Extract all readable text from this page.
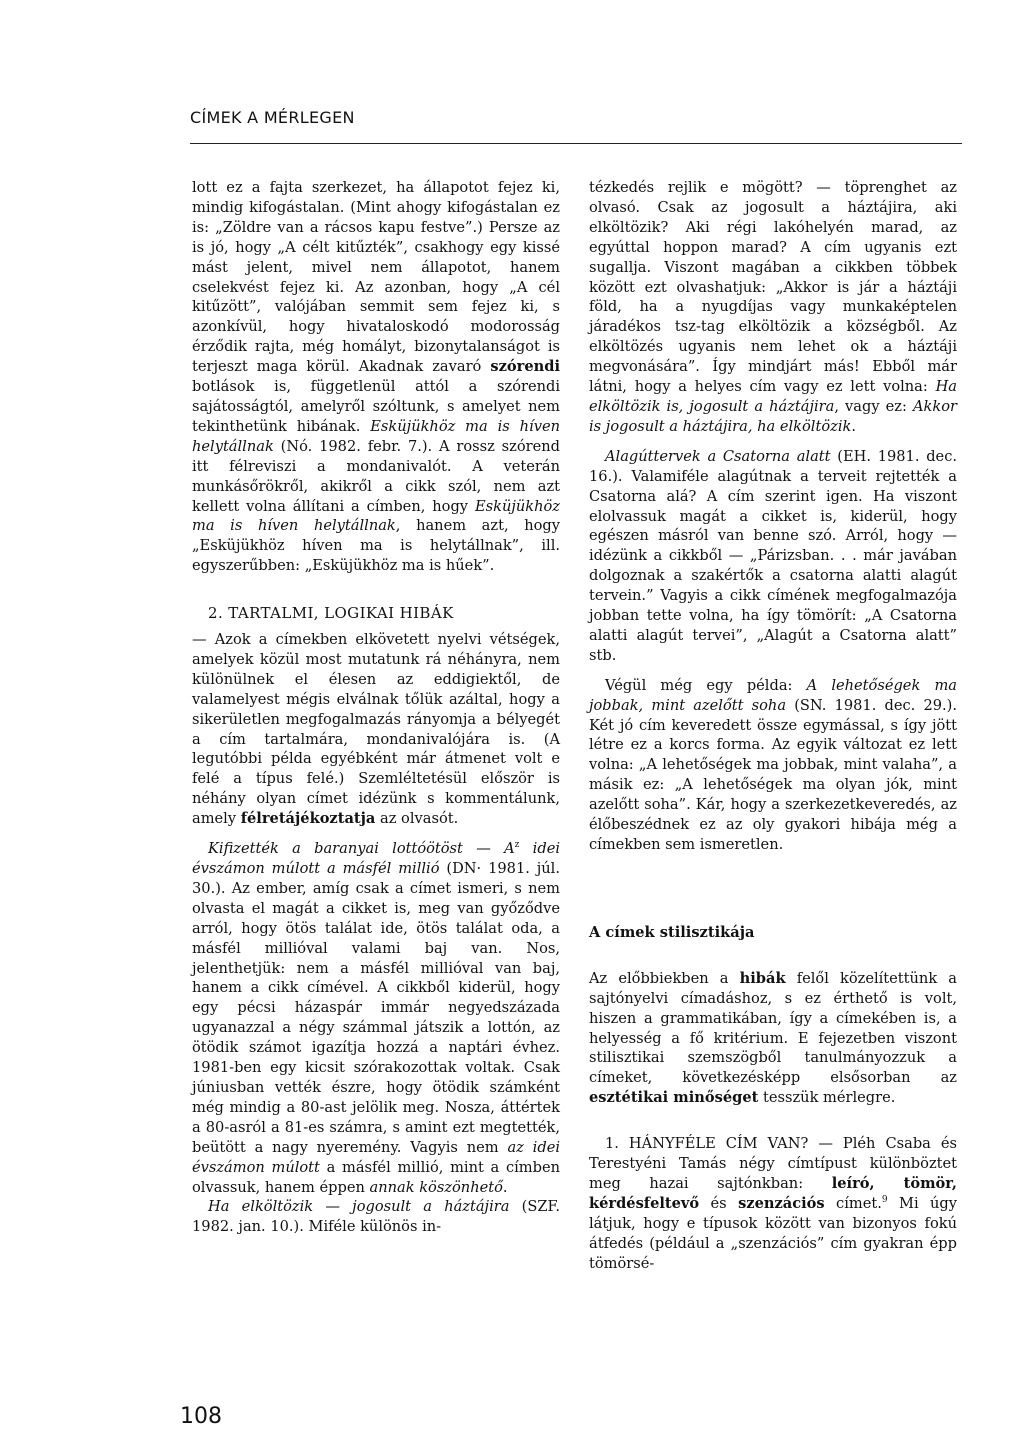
CÍMEK A MÉRLEGEN

lott ez a fajta szerkezet, ha állapotot fejez ki, mindig kifogástalan. (Mint ahogy kifogástalan ez is: „Zöldre van a rácsos kapu festve”.) Persze az is jó, hogy „A célt kitűzték”, csakhogy egy kissé mást jelent, mivel nem állapotot, hanem cselekvést fejez ki. Az azonban, hogy „A cél kitűzött”, valójában semmit sem fejez ki, s azonkívül, hogy hivataloskodó modorosság érződik rajta, még homályt, bizonytalanságot is terjeszt maga körül. Akadnak zavaró szórendi botlások is, függetlenül attól a szórendi sajátosságtól, amelyről szóltunk, s amelyet nem tekinthetünk hibának. Esküjükhöz ma is híven helytállnak (Nó. 1982. febr. 7.). A rossz szórend itt félreviszi a mondanivalót. A veterán munkásőrökről, akikről a cikk szól, nem azt kellett volna állítani a címben, hogy Esküjükhöz ma is híven helytállnak, hanem azt, hogy „Esküjükhöz híven ma is helytállnak”, ill. egyszerűbben: „Esküjükhöz ma is hűek”.

2. TARTALMI, LOGIKAI HIBÁK

— Azok a címekben elkövetett nyelvi vétségek, amelyek közül most mutatunk rá néhányra, nem különülnek el élesen az eddigiektől, de valamelyest mégis elválnak tőlük azáltal, hogy a sikerületlen megfogalmazás rányomja a bélyegét a cím tartalmára, mondanivalójára is. (A legutóbbi példa egyébként már átmenet volt e felé a típus felé.) Szemléltetésül először is néhány olyan címet idézünk s kommentálunk, amely félretájékoztatja az olvasót.

Kifizették a baranyai lottóötöst — $A^z$ idei évszámon múlott a másfél millió (DN· 1981. júl. 30.). Az ember, amíg csak a címet ismeri, s nem olvasta el magát a cikket is, meg van győződve arról, hogy ötös találat ide, ötös találat oda, a másfél millióval valami baj van. Nos, jelenthetjük: nem a másfél millióval van baj, hanem a cikk címével. A cikkből kiderül, hogy egy pécsi házaspár immár negyedszázada ugyanazzal a négy számmal játszik a lottón, az ötödik számot igazítja hozzá a naptári évhez. 1981-ben egy kicsit szórakozottak voltak. Csak júniusban vették észre, hogy ötödik számként még mindig a 80-ast jelölik meg. Nosza, áttértek a 80-asról a 81-es számra, s amint ezt megtették, beütött a nagy nyeremény. Vagyis nem az idei évszámon múlott a másfél millió, mint a címben olvassuk, hanem éppen annak köszönhető.

Ha elköltözik — jogosult a háztájira (SZF. 1982. jan. 10.). Miféle különös in-

tézkedés rejlik e mögött? — töprenghet az olvasó. Csak az jogosult a háztájira, aki elköltözik? Aki régi lakóhelyén marad, az egyúttal hoppon marad? A cím ugyanis ezt sugallja. Viszont magában a cikkben többek között ezt olvashatjuk: „Akkor is jár a háztáji föld, ha a nyugdíjas vagy munkaképtelen járadékos tsz-tag elköltözik a községből. Az elköltözés ugyanis nem lehet ok a háztáji megvonására”. Így mindjárt más! Ebből már látni, hogy a helyes cím vagy ez lett volna: Ha elköltözik is, jogosult a háztájira, vagy ez: Akkor is jogosult a háztájira, ha elköltözik.

Alagúttervek a Csatorna alatt (EH. 1981. dec. 16.). Valamiféle alagútnak a terveit rejtették a Csatorna alá? A cím szerint igen. Ha viszont elolvassuk magát a cikket is, kiderül, hogy egészen másról van benne szó. Arról, hogy — idézünk a cikkből — „Párizsban. . . már javában dolgoznak a szakértők a csatorna alatti alagút tervein.” Vagyis a cikk címének megfogalmazója jobban tette volna, ha így tömörít: „A Csatorna alatti alagút tervei”, „Alagút a Csatorna alatt” stb.

Végül még egy példa: A lehetőségek ma jobbak, mint azelőtt soha (SN. 1981. dec. 29.). Két jó cím keveredett össze egymással, s így jött létre ez a korcs forma. Az egyik változat ez lett volna: „A lehetőségek ma jobbak, mint valaha”, a másik ez: „A lehetőségek ma olyan jók, mint azelőtt soha”. Kár, hogy a szerkezetkeveredés, az élőbeszédnek ez az oly gyakori hibája még a címekben sem ismeretlen.

A címek stilisztikája

Az előbbiekben a hibák felől közelítettünk a sajtónyelvi címadáshoz, s ez érthető is volt, hiszen a grammatikában, így a címekében is, a helyesség a fő kritérium. E fejezetben viszont stilisztikai szemszögből tanulmányozzuk a címeket, következésképp elsősorban az esztétikai minőséget tesszük mérlegre.

1. HÁNYFÉLE CÍM VAN? — Pléh Csaba és Terestyéni Tamás négy címtípust különböztet meg hazai sajtónkban: leíró, tömör, kérdésfeltevő és szenzációs címet.$^9$ Mi úgy látjuk, hogy e típusok között van bizonyos fokú átfedés (például a „szenzációs” cím gyakran épp tömörsé-

108
